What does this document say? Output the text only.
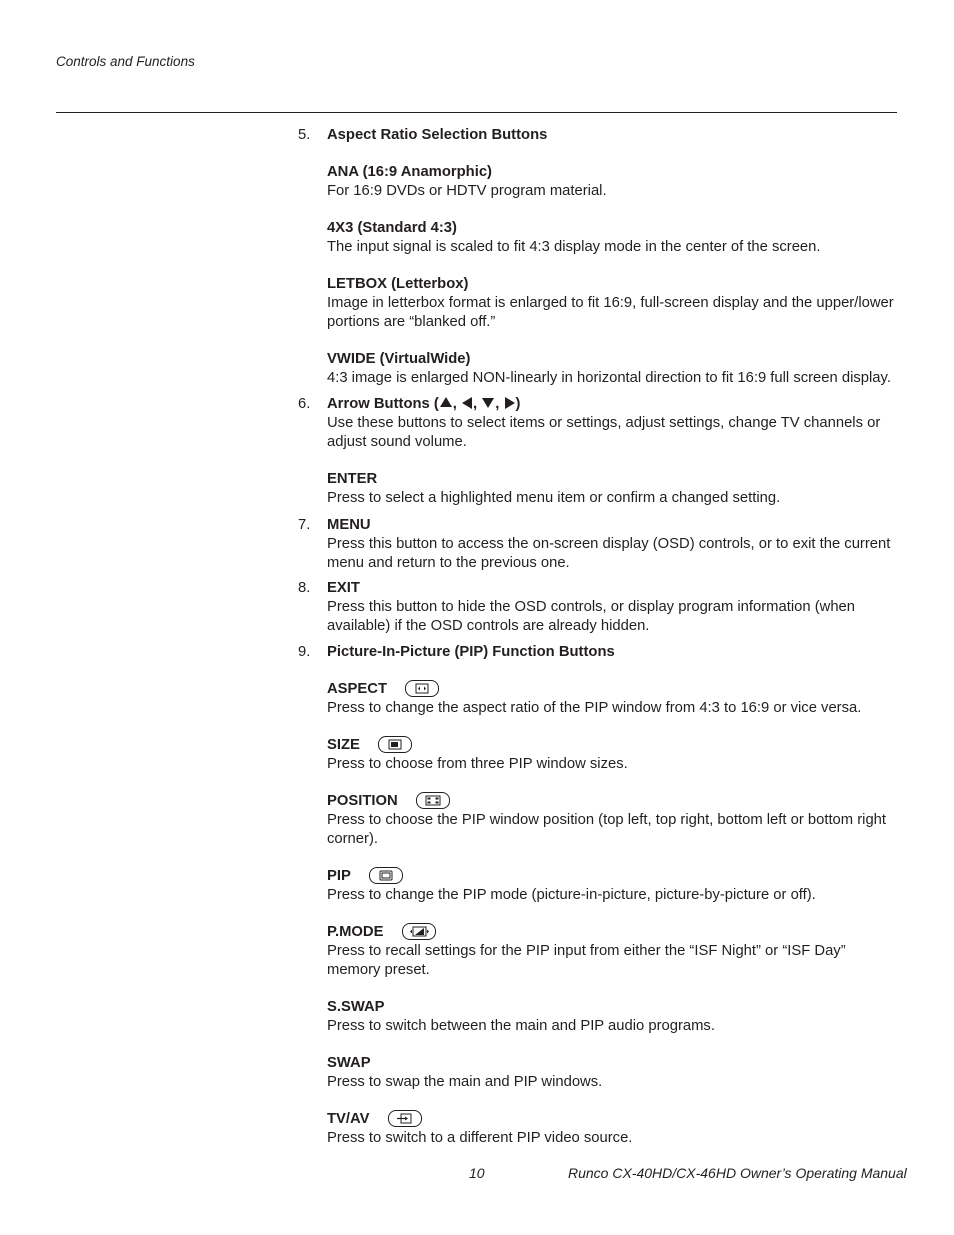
Controls and Functions
5. Aspect Ratio Selection Buttons
ANA (16:9 Anamorphic)

For 16:9 DVDs or HDTV program material.

4X3 (Standard 4:3)

The input signal is scaled to fit 4:3 display mode in the center of the screen.

LETBOX (Letterbox)

Image in letterbox format is enlarged to fit 16:9, full-screen display and the upper/lower portions are “blanked off.”

VWIDE (VirtualWide)

4:3 image is enlarged NON-linearly in horizontal direction to fit 16:9 full screen display.

6. Arrow Buttons ( , , , )

Use these buttons to select items or settings, adjust settings, change TV channels or adjust sound volume.

ENTER

Press to select a highlighted menu item or confirm a changed setting.

7. MENU

Press this button to access the on-screen display (OSD) controls, or to exit the current menu and return to the previous one.

8. EXIT

Press this button to hide the OSD controls, or display program information (when available) if the OSD controls are already hidden.

9. Picture-In-Picture (PIP) Function Buttons
ASPECT

Press to change the aspect ratio of the PIP window from 4:3 to 16:9 or vice versa.

SIZE

Press to choose from three PIP window sizes.

POSITION

Press to choose the PIP window position (top left, top right, bottom left or bottom right corner).

PIP

Press to change the PIP mode (picture-in-picture, picture-by-picture or off).

P.MODE

Press to recall settings for the PIP input from either the “ISF Night” or “ISF Day” memory preset.

S.SWAP

Press to switch between the main and PIP audio programs.

SWAP

Press to swap the main and PIP windows.

TV/AV

Press to switch to a different PIP video source.

10	Runco CX-40HD/CX-46HD Owner’s Operating Manual
